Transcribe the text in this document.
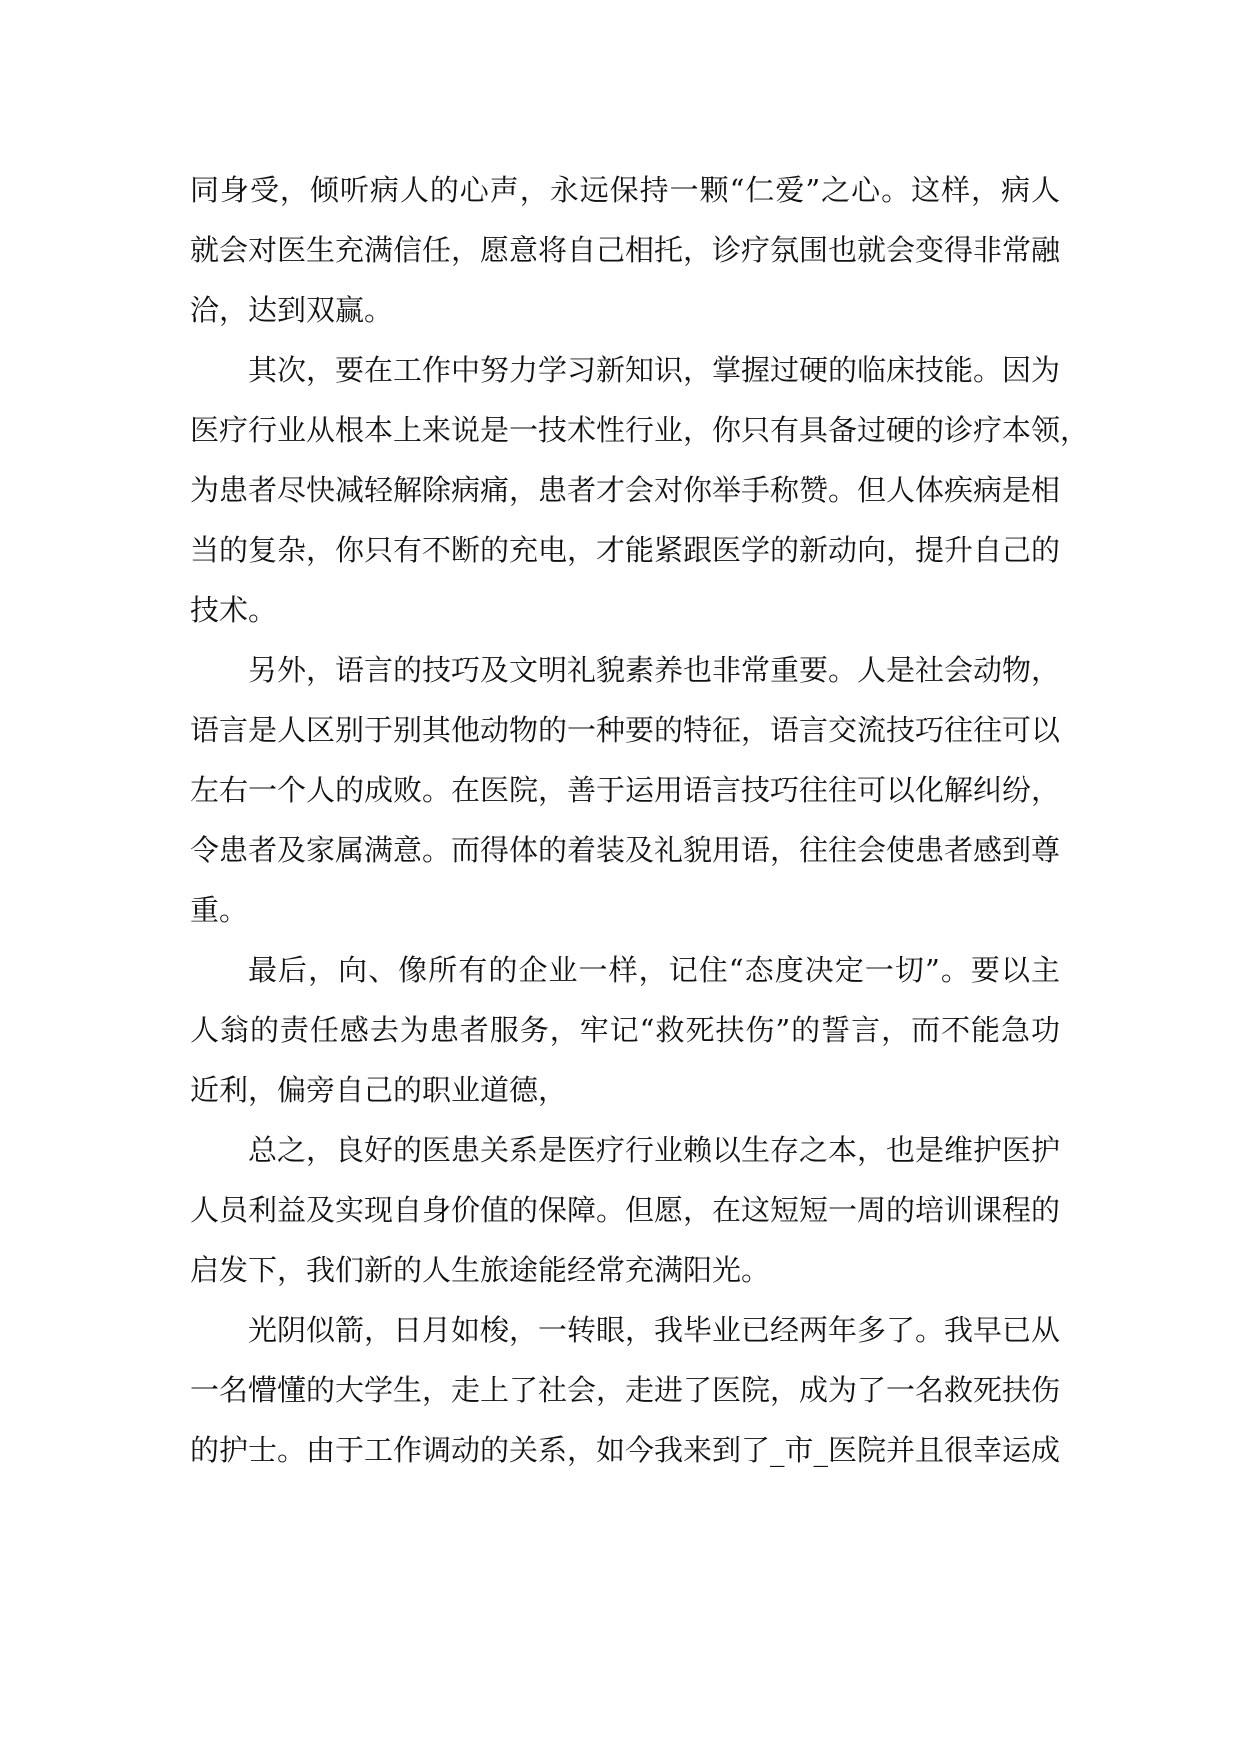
同身受，倾听病人的心声，永远保持一颗“仁爱”之心。这样，病人
就会对医生充满信任，愿意将自己相托，诊疗氛围也就会变得非常融
洽，达到双赢。
其次，要在工作中努力学习新知识，掌握过硬的临床技能。因为
医疗行业从根本上来说是一技术性行业，你只有具备过硬的诊疗本领，
为患者尽快减轻解除病痛，患者才会对你举手称赞。但人体疾病是相
当的复杂，你只有不断的充电，才能紧跟医学的新动向，提升自己的
技术。
另外，语言的技巧及文明礼貌素养也非常重要。人是社会动物，
语言是人区别于别其他动物的一种要的特征，语言交流技巧往往可以
左右一个人的成败。在医院，善于运用语言技巧往往可以化解纠纷，
令患者及家属满意。而得体的着装及礼貌用语，往往会使患者感到尊
重。
最后，向、像所有的企业一样，记住“态度决定一切”。要以主
人翁的责任感去为患者服务，牢记“救死扶伤”的誓言，而不能急功
近利，偏旁自己的职业道德，
总之，良好的医患关系是医疗行业赖以生存之本，也是维护医护
人员利益及实现自身价值的保障。但愿，在这短短一周的培训课程的
启发下，我们新的人生旅途能经常充满阳光。
光阴似箭，日月如梭，一转眼，我毕业已经两年多了。我早已从
一名懵懂的大学生，走上了社会，走进了医院，成为了一名救死扶伤
的护士。由于工作调动的关系，如今我来到了_市_医院并且很幸运成
